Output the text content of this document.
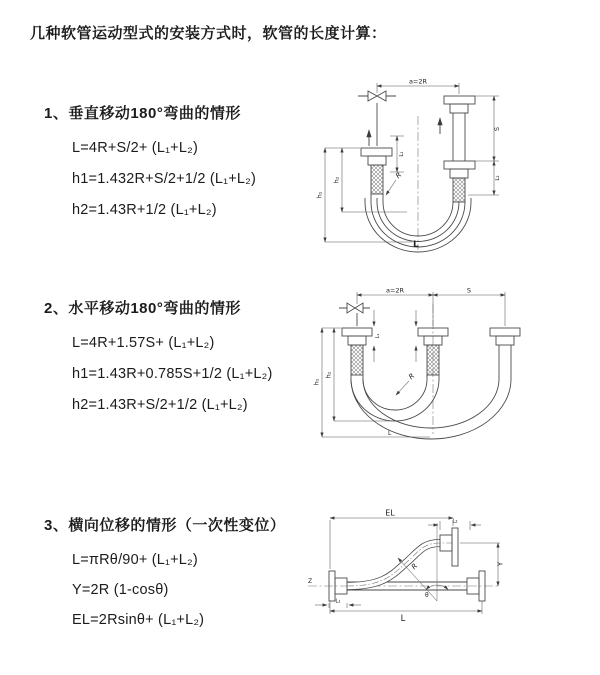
几种软管运动型式的安装方式时，软管的长度计算：
1、垂直移动180°弯曲的情形
L=4R+S/2+ (L₁+L₂)
h1=1.432R+S/2+1/2 (L₁+L₂)
h2=1.43R+1/2 (L₁+L₂)
2、水平移动180°弯曲的情形
L=4R+1.57S+ (L₁+L₂)
h1=1.43R+0.785S+1/2 (L₁+L₂)
h2=1.43R+S/2+1/2 (L₁+L₂)
3、横向位移的情形（一次性变位）
L=πRθ/90+ (L₁+L₂)
Y=2R (1-cosθ)
EL=2Rsinθ+ (L₁+L₂)
a=2R
h₁
h₂
L₁
S
L₂
R
L
a=2R	S
h₁
h₂
L₁
R
L
EL
L₂
Y
R
θ
L
L₁
Z
